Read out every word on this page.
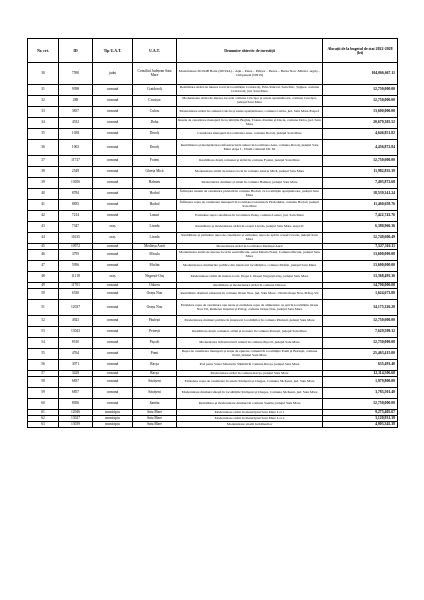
Nr. crt.	ID	Tip U.A.T.	U.A.T.	Denumire obiectiv de investiții	Alocații de la bugetul de stat 2022-2028 (lei)
30	7590	județ	Consiliul Județean Satu Mare	Modernizare DJ194B Botiz (DN19A) – Ațin – Petea – Pelișor – Berea – Berea Nou -Micula -Agriș – Cimpeneni (DN19)	104,066,667.11
31	9398	comună	Craidorolț	Reabilitare străzi de interes local în localitățile Craidorolț, Eriu-Sâncrai, Satu Mic, Țeghea, comuna Craidorolț, jud. Satu Mare	12,750,000.00
32	288	comună	Crucișor	Modernizare străzi de interes local în comuna Crucișor și satele aparținătoare, comuna Crucișor, județul Satu Mare	12,750,000.00
33	3837	comună	Culciu	Modernizare străzi în comuna Culciu și satele aparținătoare, comuna Culciu, jud. Satu Mare-Etapa I	13,600,000.00
34	4532	comună	Doba	Rețele de canalizare menajeră în localitățile Boghiș, Traian, Paulian și Dacia, comuna Doba, jud. Satu Mare	20,679,305.52
35	1038	comună	Dorolț	Canalizare menajeră în localitatea Atea, comuna Dorolț, județul Satu Mare	4,646,851.82
36	1063	comună	Dorolț	Reabilitarea și modernizarea infrastructurii rutiere în localitatea Atea, comuna Dorolț, județul Satu Mare etapa I - Drum comunal DC 62	4,456,872.84
37	11737	comună	Foieni	Reabilitare drum comunal și străzi în comuna Foieni, județul Satu Mare	12,750,000.00
38	2549	comună	Gherța Mică	Modernizare străzi de interes local în comuna Gherța Mică, județul Satu Mare	11,982,835.39
39	13056	comună	Halmeu	Modernizare drumuri și străzi în comuna Halmeu, județul Satu Mare	7,493,872.68
40	8784	comună	Hodod	Înființare sistem de canalizare pluvială în comuna Hodod, cu localitățile aparținătoare, județul Satu Mare	18,539,341.24
41	8835	comună	Hodod	Înființare rețea de canalizare menajeră în localitatea Giurtelecu Hododului, comuna Hodod, județul Satu Mare	11,460,658.76
42	7214	comună	Lazuri	Extindere rețea canalizare în localitatea Peleș, comuna Lazuri, jud. Satu Mare	7,422,743.76
43	7347	oraș	Livada	Reabilitare și modernizare străzi în orașul Livada, județul Satu Mare, etapa II	6,380,966.36
44	11635	oraș	Livada	Reabilitare și extindere rețea de canalizare și extindere rețea de apă în orașul Livada, județul Satu Mare	12,749,600.49
45	10972	comună	Medieșu Aurit	Modernizare străzi în localitatea Medieșu Aurit	7,527,316.11
46	3795	comună	Micula	Modernizare străzi de interes local în satul Micula, satul Micula Nouă, Comuna Micula, județul Satu Mare	13,600,000.00
47	5956	comună	Moftin	Modernizarea drumurilor publice din interiorul localităților, comuna Moftin, județul Satu Mare	13,600,000.00
48	11118	oraș	Negrești-Oaș	Modernizare străzi de interes local- Etapa I, Orașul Negrești-Oaș, județul Satu Mare	13,368,495.36
49	11701	comună	Odoreu	Reabilitare și modernizare străzi în comuna Odoreu	14,700,000.00
50	6538	comună	Orașu Nou	Reabilitare drumuri existente în comune Orașu Nou, jud. Satu Mare - Drum Orașu Nou, Prilog-Vii	1,624,673.80
51	12037	comună	Orașu Nou	Extindere rețea de canalizare ape uzate și extindere rețea de alimentare cu apă în localitățile Orașu Nou Vii, Remetea Oașului și Prilog, comuna Orașu Nou, județul Satu Mare	34,175,326.20
52	4923	comună	Păulești	Modernizare drumuri publice în interiorul localităților în comuna Păulești, județul Satu Mare	12,750,000.00
53	13043	comună	Petrești	Reabilitare drum comunal, străzi și trotuare în comuna Petrești, județul Satu Mare	7,629,599.32
54	8510	comună	Pișcolt	Modernizare infrastructură rutieră în comuna Pișcolt, județul Satu Mare	12,750,000.00
55	4764	comună	Pomi	Rețea de canalizare menajeră și stație de epurare comună în localitățile Pomi și Borlești, comuna Pomi, județul Satu Mare	25,463,415.00
56	3071	comună	Racșa	Pod peste Valea Sătului în Sătmăli în comuna Racșa, județul Satu Mare	635,493.40
57	3429	comună	Racșa	Modernizare străzi în comuna Racșa, județul Satu Mare	12,114,506.60
58	6837	comună	Săcășeni	Extindere rețea de canalizare în satele Săcășeni și Chegea, Comuna Săcășeni, jud. Satu Mare	1,979,800.00
59	6857	comună	Săcășeni	Modernizare drumuri sătești în localitățile Săcășeni și Chegea, Comuna Săcășeni, jud. Satu Mare	3,783,501.40
60	8056	comună	Santău	Reabilitare și modernizare drumuri în comuna Santău, județul Satu Mare	12,750,000.00
61	12946	municipiu	Satu Mare	Modernizare străzi în municipiul Satu Mare Lot 1	9,275,405.67
62	13027	municipiu	Satu Mare	Modernizare străzi în municipiul Satu Mare Lot 2	3,120,931.38
63	13039	municipiu	Satu Mare	Modernizare stradă Grădinarilor	4,003,345.38
